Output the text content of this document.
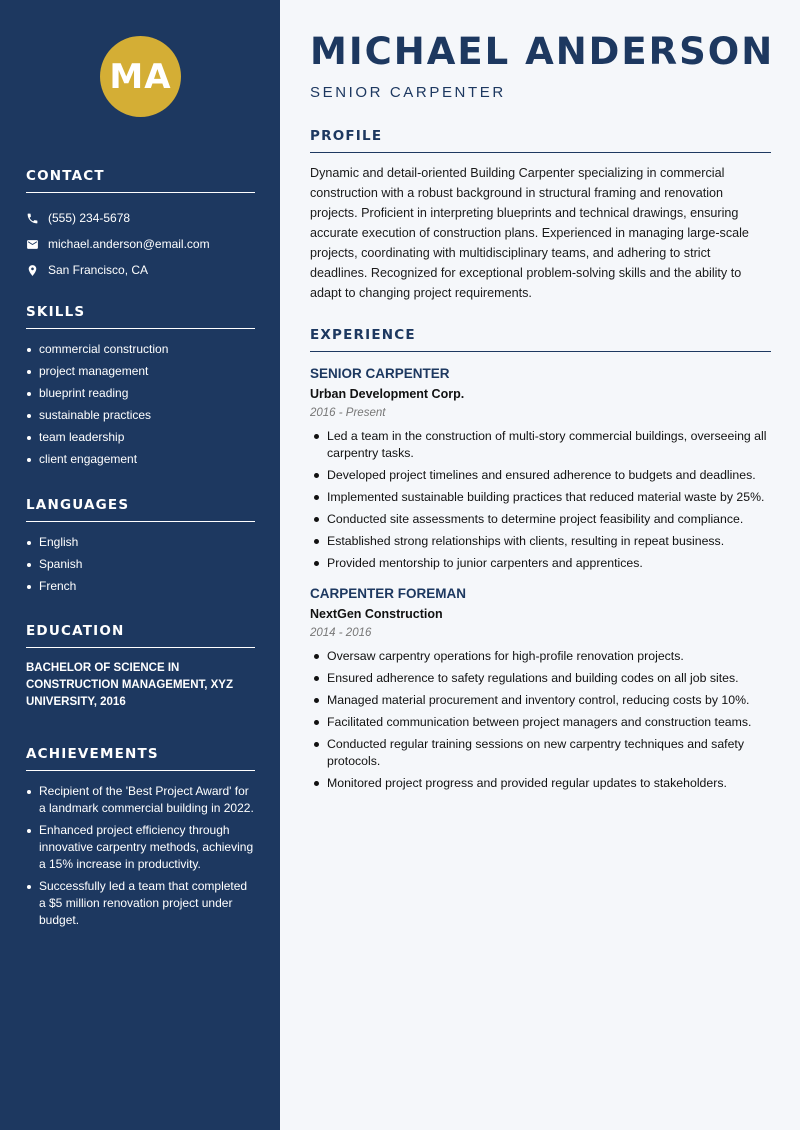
MA
CONTACT
(555) 234-5678
michael.anderson@email.com
San Francisco, CA
SKILLS
commercial construction
project management
blueprint reading
sustainable practices
team leadership
client engagement
LANGUAGES
English
Spanish
French
EDUCATION
BACHELOR OF SCIENCE IN CONSTRUCTION MANAGEMENT, XYZ UNIVERSITY, 2016
ACHIEVEMENTS
Recipient of the 'Best Project Award' for a landmark commercial building in 2022.
Enhanced project efficiency through innovative carpentry methods, achieving a 15% increase in productivity.
Successfully led a team that completed a $5 million renovation project under budget.
MICHAEL ANDERSON
SENIOR CARPENTER
PROFILE
Dynamic and detail-oriented Building Carpenter specializing in commercial construction with a robust background in structural framing and renovation projects. Proficient in interpreting blueprints and technical drawings, ensuring accurate execution of construction plans. Experienced in managing large-scale projects, coordinating with multidisciplinary teams, and adhering to strict deadlines. Recognized for exceptional problem-solving skills and the ability to adapt to changing project requirements.
EXPERIENCE
SENIOR CARPENTER
Urban Development Corp.
2016 - Present
Led a team in the construction of multi-story commercial buildings, overseeing all carpentry tasks.
Developed project timelines and ensured adherence to budgets and deadlines.
Implemented sustainable building practices that reduced material waste by 25%.
Conducted site assessments to determine project feasibility and compliance.
Established strong relationships with clients, resulting in repeat business.
Provided mentorship to junior carpenters and apprentices.
CARPENTER FOREMAN
NextGen Construction
2014 - 2016
Oversaw carpentry operations for high-profile renovation projects.
Ensured adherence to safety regulations and building codes on all job sites.
Managed material procurement and inventory control, reducing costs by 10%.
Facilitated communication between project managers and construction teams.
Conducted regular training sessions on new carpentry techniques and safety protocols.
Monitored project progress and provided regular updates to stakeholders.
